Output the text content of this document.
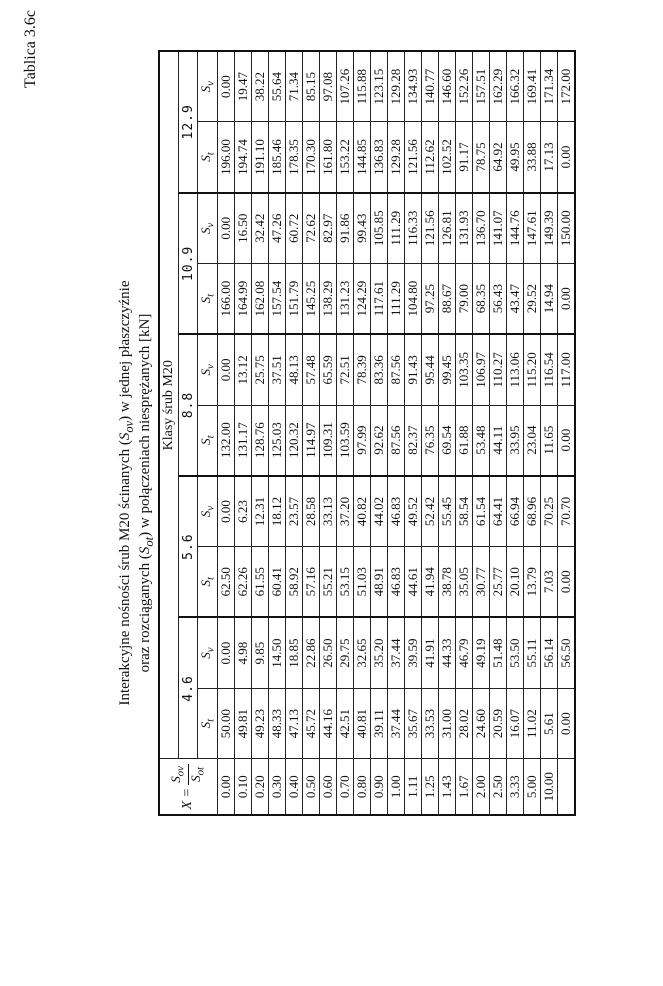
Tablica 3.6c
Interakcyjne nośności śrub M20 ścinanych $(S_{ov})$ w jednej płaszczyźnie
oraz rozciąganych $(S_{ot})$ w połączeniach niesprężanych [kN]
X =
$S_{ov}$
$S_{ot}$	Klasy śrub M20									
	4.6		5.6		8.8		10.9		12.9	
	$S_t$	$S_v$	$S_t$	$S_v$	$S_t$	$S_v$	$S_t$	$S_v$	$S_t$	$S_v$
0.00	50.00	0.00	62.50	0.00	132.00	0.00	166.00	0.00	196.00	0.00
0.10	49.81	4.98	62.26	6.23	131.17	13.12	164.99	16.50	194.74	19.47
0.20	49.23	9.85	61.55	12.31	128.76	25.75	162.08	32.42	191.10	38.22
0.30	48.33	14.50	60.41	18.12	125.03	37.51	157.54	47.26	185.46	55.64
0.40	47.13	18.85	58.92	23.57	120.32	48.13	151.79	60.72	178.35	71.34
0.50	45.72	22.86	57.16	28.58	114.97	57.48	145.25	72.62	170.30	85.15
0.60	44.16	26.50	55.21	33.13	109.31	65.59	138.29	82.97	161.80	97.08
0.70	42.51	29.75	53.15	37.20	103.59	72.51	131.23	91.86	153.22	107.26
0.80	40.81	32.65	51.03	40.82	97.99	78.39	124.29	99.43	144.85	115.88
0.90	39.11	35.20	48.91	44.02	92.62	83.36	117.61	105.85	136.83	123.15
1.00	37.44	37.44	46.83	46.83	87.56	87.56	111.29	111.29	129.28	129.28
1.11	35.67	39.59	44.61	49.52	82.37	91.43	104.80	116.33	121.56	134.93
1.25	33.53	41.91	41.94	52.42	76.35	95.44	97.25	121.56	112.62	140.77
1.43	31.00	44.33	38.78	55.45	69.54	99.45	88.67	126.81	102.52	146.60
1.67	28.02	46.79	35.05	58.54	61.88	103.35	79.00	131.93	91.17	152.26
2.00	24.60	49.19	30.77	61.54	53.48	106.97	68.35	136.70	78.75	157.51
2.50	20.59	51.48	25.77	64.41	44.11	110.27	56.43	141.07	64.92	162.29
3.33	16.07	53.50	20.10	66.94	33.95	113.06	43.47	144.76	49.95	166.32
5.00	11.02	55.11	13.79	68.96	23.04	115.20	29.52	147.61	33.88	169.41
10.00	5.61	56.14	7.03	70.25	11.65	116.54	14.94	149.39	17.13	171.34
	0.00	56.50	0.00	70.70	0.00	117.00	0.00	150.00	0.00	172.00
